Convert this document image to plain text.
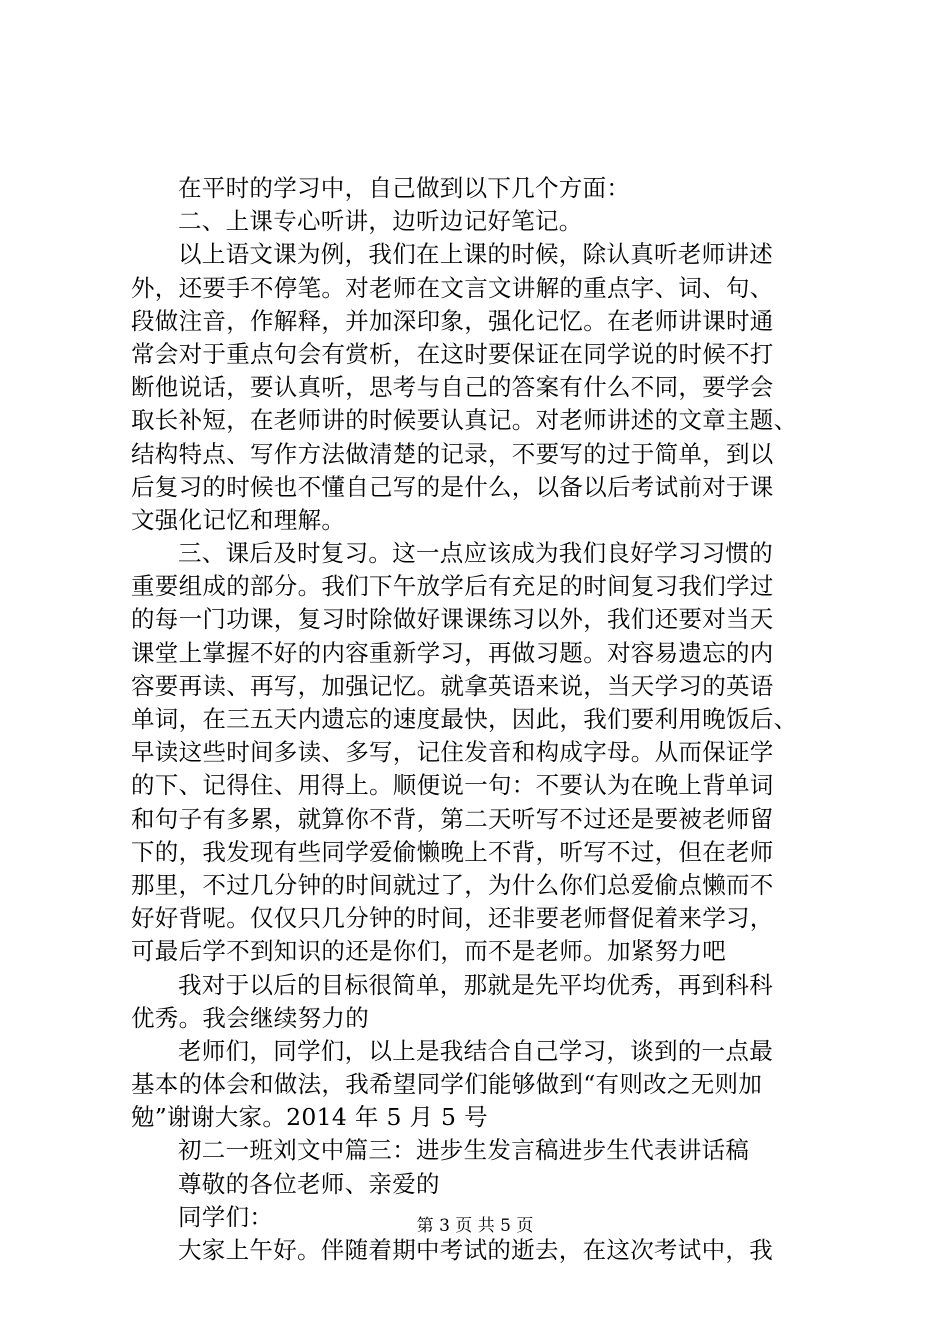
在平时的学习中，自己做到以下几个方面：
二、上课专心听讲，边听边记好笔记。
以上语文课为例，我们在上课的时候，除认真听老师讲述
外，还要手不停笔。对老师在文言文讲解的重点字、词、句、
段做注音，作解释，并加深印象，强化记忆。在老师讲课时通
常会对于重点句会有赏析，在这时要保证在同学说的时候不打
断他说话，要认真听，思考与自己的答案有什么不同，要学会
取长补短，在老师讲的时候要认真记。对老师讲述的文章主题、
结构特点、写作方法做清楚的记录，不要写的过于简单，到以
后复习的时候也不懂自己写的是什么，以备以后考试前对于课
文强化记忆和理解。
三、课后及时复习。这一点应该成为我们良好学习习惯的
重要组成的部分。我们下午放学后有充足的时间复习我们学过
的每一门功课，复习时除做好课课练习以外，我们还要对当天
课堂上掌握不好的内容重新学习，再做习题。对容易遗忘的内
容要再读、再写，加强记忆。就拿英语来说，当天学习的英语
单词，在三五天内遗忘的速度最快，因此，我们要利用晚饭后、
早读这些时间多读、多写，记住发音和构成字母。从而保证学
的下、记得住、用得上。顺便说一句：不要认为在晚上背单词
和句子有多累，就算你不背，第二天听写不过还是要被老师留
下的，我发现有些同学爱偷懒晚上不背，听写不过，但在老师
那里，不过几分钟的时间就过了，为什么你们总爱偷点懒而不
好好背呢。仅仅只几分钟的时间，还非要老师督促着来学习，
可最后学不到知识的还是你们，而不是老师。加紧努力吧
我对于以后的目标很简单，那就是先平均优秀，再到科科
优秀。我会继续努力的
老师们，同学们，以上是我结合自己学习，谈到的一点最
基本的体会和做法，我希望同学们能够做到“有则改之无则加
勉”谢谢大家。2014 年 5 月 5 号
初二一班刘文中篇三：进步生发言稿进步生代表讲话稿
尊敬的各位老师、亲爱的
同学们：
大家上午好。伴随着期中考试的逝去，在这次考试中，我
第 3 页 共 5 页
